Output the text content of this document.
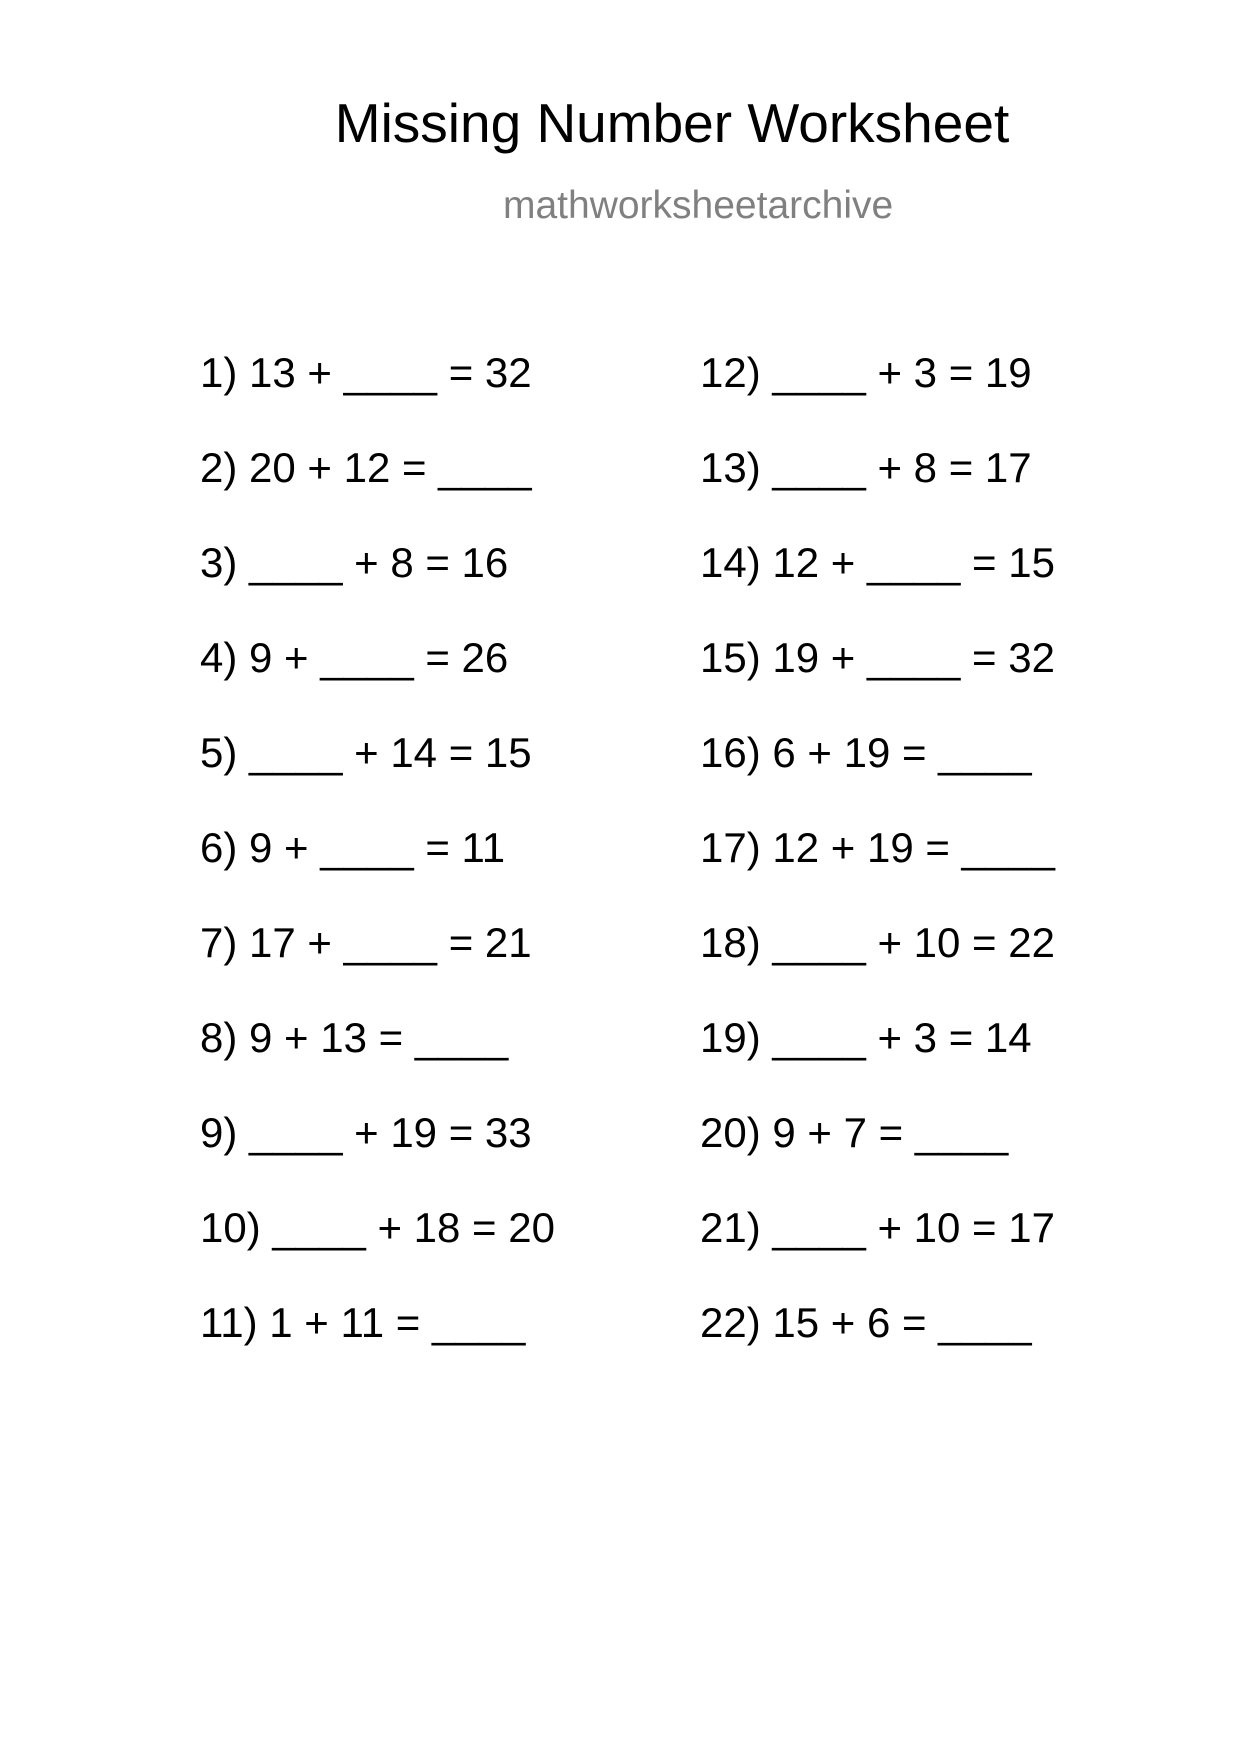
Missing Number Worksheet
mathworksheetarchive
1) 13 + ____ = 32
2) 20 + 12 = ____
3) ____ + 8 = 16
4) 9 + ____ = 26
5) ____ + 14 = 15
6) 9 + ____ = 11
7) 17 + ____ = 21
8) 9 + 13 = ____
9) ____ + 19 = 33
10) ____ + 18 = 20
11) 1 + 11 = ____
12) ____ + 3 = 19
13) ____ + 8 = 17
14) 12 + ____ = 15
15) 19 + ____ = 32
16) 6 + 19 = ____
17) 12 + 19 = ____
18) ____ + 10 = 22
19) ____ + 3 = 14
20) 9 + 7 = ____
21) ____ + 10 = 17
22) 15 + 6 = ____
